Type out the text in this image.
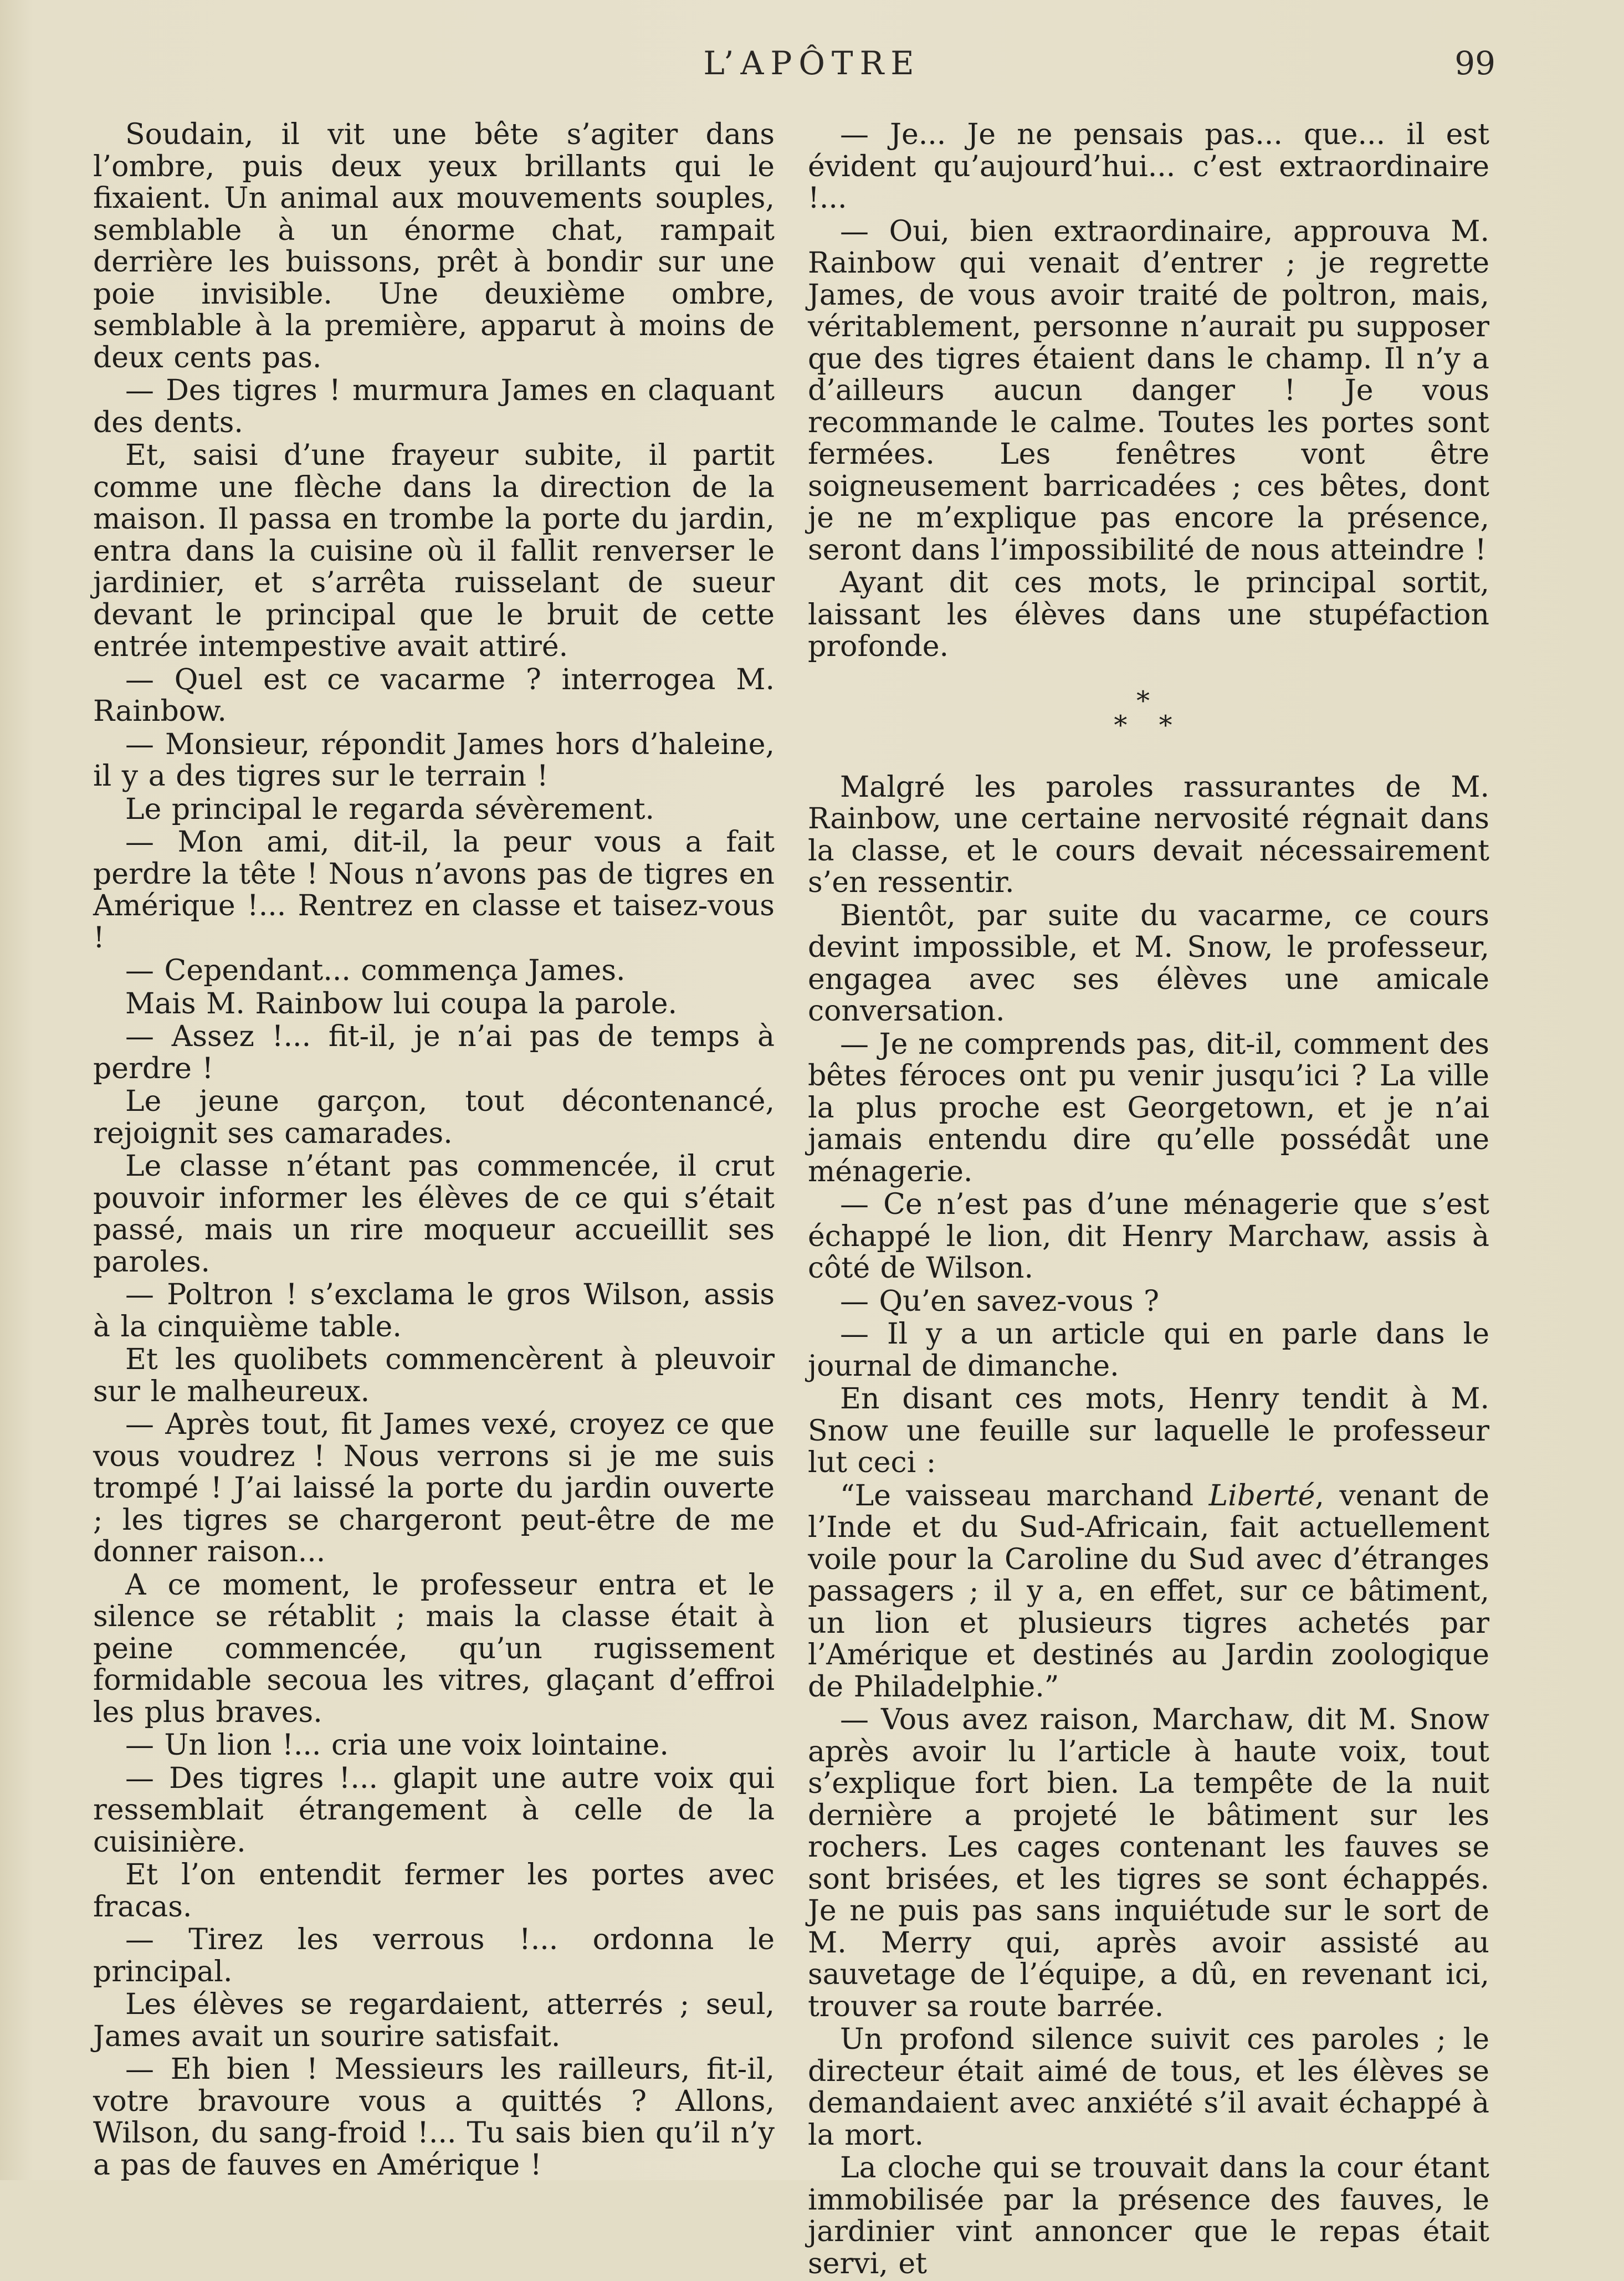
L’APÔTRE	99

Soudain, il vit une bête s’agiter dans l’ombre, puis deux yeux brillants qui le fixaient. Un animal aux mouvements souples, semblable à un énorme chat, rampait derrière les buissons, prêt à bondir sur une poie invisible. Une deuxième ombre, semblable à la première, apparut à moins de deux cents pas.

— Des tigres ! murmura James en claquant des dents.

Et, saisi d’une frayeur subite, il partit comme une flèche dans la direction de la maison. Il passa en trombe la porte du jardin, entra dans la cuisine où il fallit renverser le jardinier, et s’arrêta ruisselant de sueur devant le principal que le bruit de cette entrée intempestive avait attiré.

— Quel est ce vacarme ? interrogea M. Rainbow.

— Monsieur, répondit James hors d’haleine, il y a des tigres sur le terrain !

Le principal le regarda sévèrement.

— Mon ami, dit-il, la peur vous a fait perdre la tête ! Nous n’avons pas de tigres en Amérique !... Rentrez en classe et taisez-vous !

— Cependant... commença James.

Mais M. Rainbow lui coupa la parole.

— Assez !... fit-il, je n’ai pas de temps à perdre !

Le jeune garçon, tout décontenancé, rejoignit ses camarades.

Le classe n’étant pas commencée, il crut pouvoir informer les élèves de ce qui s’était passé, mais un rire moqueur accueillit ses paroles.

— Poltron ! s’exclama le gros Wilson, assis à la cinquième table.

Et les quolibets commencèrent à pleuvoir sur le malheureux.

— Après tout, fit James vexé, croyez ce que vous voudrez ! Nous verrons si je me suis trompé ! J’ai laissé la porte du jardin ouverte ; les tigres se chargeront peut-être de me donner raison...

A ce moment, le professeur entra et le silence se rétablit ; mais la classe était à peine commencée, qu’un rugissement formidable secoua les vitres, glaçant d’effroi les plus braves.

— Un lion !... cria une voix lointaine.

— Des tigres !... glapit une autre voix qui ressemblait étrangement à celle de la cuisinière.

Et l’on entendit fermer les portes avec fracas.

— Tirez les verrous !... ordonna le principal.

Les élèves se regardaient, atterrés ; seul, James avait un sourire satisfait.

— Eh bien ! Messieurs les railleurs, fit-il, votre bravoure vous a quittés ? Allons, Wilson, du sang-froid !... Tu sais bien qu’il n’y a pas de fauves en Amérique !

— Je... Je ne pensais pas... que... il est évident qu’aujourd’hui... c’est extraordinaire !...

— Oui, bien extraordinaire, approuva M. Rainbow qui venait d’entrer ; je regrette James, de vous avoir traité de poltron, mais, véritablement, personne n’aurait pu supposer que des tigres étaient dans le champ. Il n’y a d’ailleurs aucun danger ! Je vous recommande le calme. Toutes les portes sont fermées. Les fenêtres vont être soigneusement barricadées ; ces bêtes, dont je ne m’explique pas encore la présence, seront dans l’impossibilité de nous atteindre !

Ayant dit ces mots, le principal sortit, laissant les élèves dans une stupéfaction profonde.

*
* *

Malgré les paroles rassurantes de M. Rainbow, une certaine nervosité régnait dans la classe, et le cours devait nécessairement s’en ressentir.

Bientôt, par suite du vacarme, ce cours devint impossible, et M. Snow, le professeur, engagea avec ses élèves une amicale conversation.

— Je ne comprends pas, dit-il, comment des bêtes féroces ont pu venir jusqu’ici ? La ville la plus proche est Georgetown, et je n’ai jamais entendu dire qu’elle possédât une ménagerie.

— Ce n’est pas d’une ménagerie que s’est échappé le lion, dit Henry Marchaw, assis à côté de Wilson.

— Qu’en savez-vous ?

— Il y a un article qui en parle dans le journal de dimanche.

En disant ces mots, Henry tendit à M. Snow une feuille sur laquelle le professeur lut ceci :

“Le vaisseau marchand Liberté, venant de l’Inde et du Sud-Africain, fait actuellement voile pour la Caroline du Sud avec d’étranges passagers ; il y a, en effet, sur ce bâtiment, un lion et plusieurs tigres achetés par l’Amérique et destinés au Jardin zoologique de Philadelphie.”

— Vous avez raison, Marchaw, dit M. Snow après avoir lu l’article à haute voix, tout s’explique fort bien. La tempête de la nuit dernière a projeté le bâtiment sur les rochers. Les cages contenant les fauves se sont brisées, et les tigres se sont échappés. Je ne puis pas sans inquiétude sur le sort de M. Merry qui, après avoir assisté au sauvetage de l’équipe, a dû, en revenant ici, trouver sa route barrée.

Un profond silence suivit ces paroles ; le directeur était aimé de tous, et les élèves se demandaient avec anxiété s’il avait échappé à la mort.

La cloche qui se trouvait dans la cour étant immobilisée par la présence des fauves, le jardinier vint annoncer que le repas était servi, et
